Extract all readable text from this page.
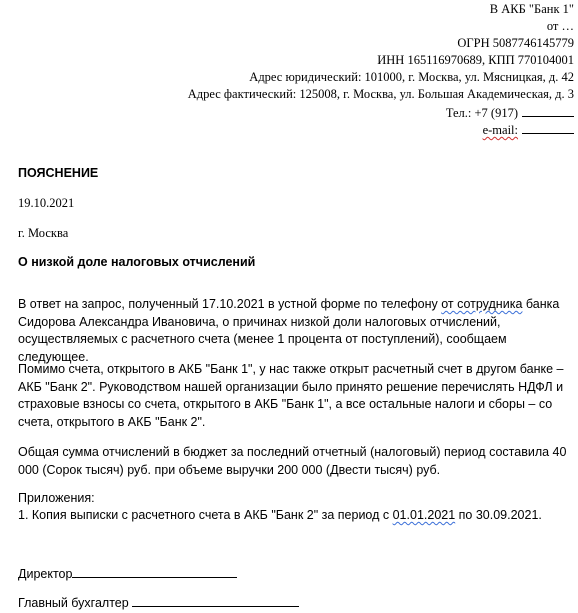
В АКБ "Банк 1"
от …
ОГРН 5087746145779
ИНН 165116970689, КПП 770104001
Адрес юридический: 101000, г. Москва, ул. Мясницкая, д. 42
Адрес фактический: 125008, г. Москва, ул. Большая Академическая, д. 3
Тел.: +7 (917)
e-mail:
ПОЯСНЕНИЕ
19.10.2021
г. Москва
О низкой доле налоговых отчислений
В ответ на запрос, полученный 17.10.2021 в устной форме по телефону от сотрудника банка Сидорова Александра Ивановича, о причинах низкой доли налоговых отчислений, осуществляемых с расчетного счета (менее 1 процента от поступлений), сообщаем следующее.
Помимо счета, открытого в АКБ "Банк 1", у нас также открыт расчетный счет в другом банке – АКБ "Банк 2". Руководством нашей организации было принято решение перечислять НДФЛ и страховые взносы со счета, открытого в АКБ "Банк 1", а все остальные налоги и сборы – со счета, открытого в АКБ "Банк 2".
Общая сумма отчислений в бюджет за последний отчетный (налоговый) период составила 40 000 (Сорок тысяч) руб. при объеме выручки 200 000 (Двести тысяч) руб.
Приложения:
1. Копия выписки с расчетного счета в АКБ "Банк 2" за период с 01.01.2021 по 30.09.2021.
Директор
Главный бухгалтер
